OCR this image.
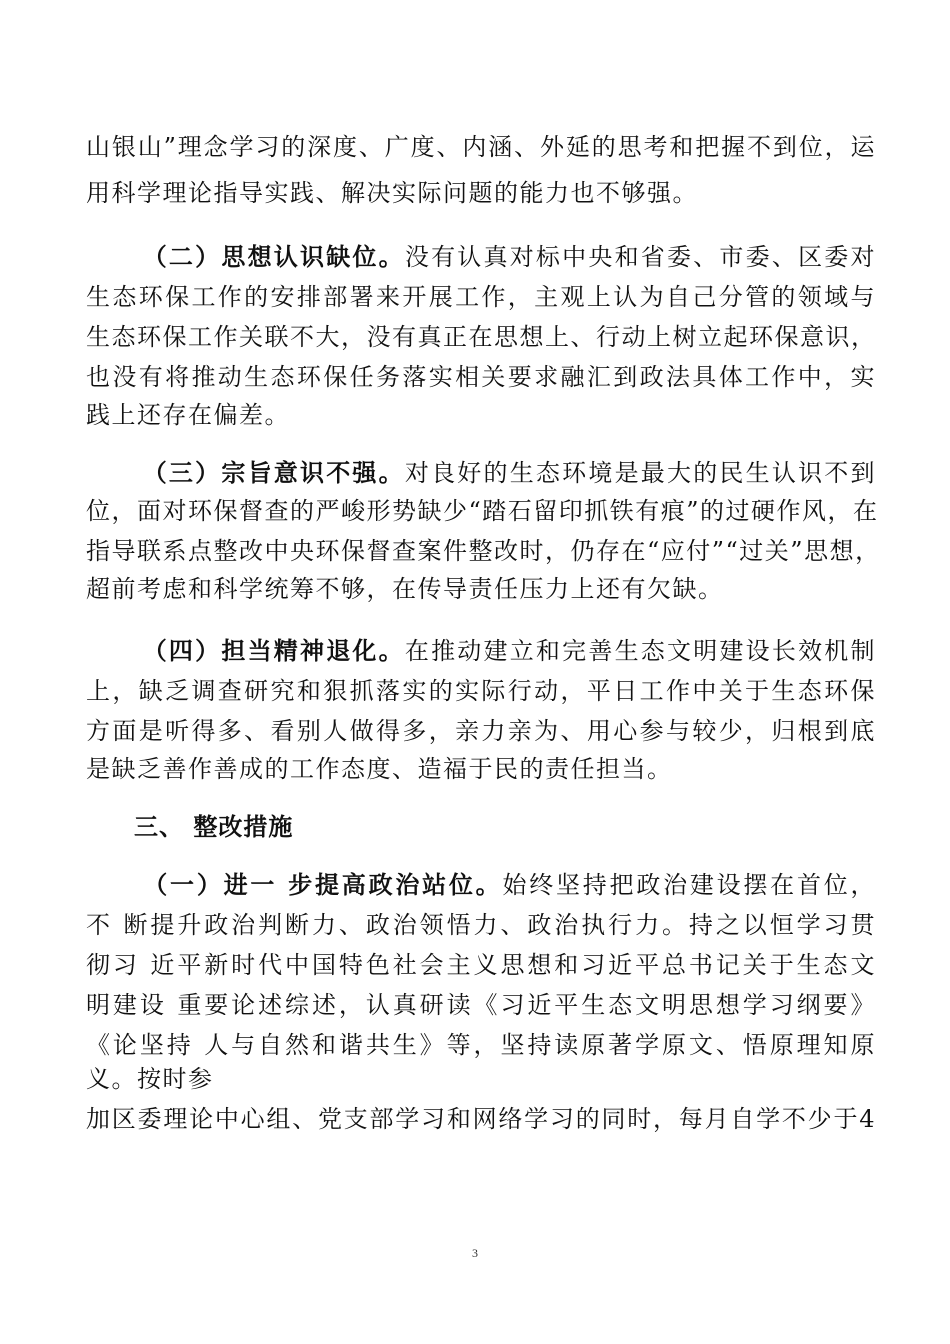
山银山”理念学习的深度、广度、内涵、外延的思考和把握不到位，运
用科学理论指导实践、解决实际问题的能力也不够强。
（二）思想认识缺位。没有认真对标中央和省委、市委、区委对
生态环保工作的安排部署来开展工作，主观上认为自己分管的领域与
生态环保工作关联不大，没有真正在思想上、行动上树立起环保意识，
也没有将推动生态环保任务落实相关要求融汇到政法具体工作中，实
践上还存在偏差。
（三）宗旨意识不强。对良好的生态环境是最大的民生认识不到
位，面对环保督查的严峻形势缺少“踏石留印抓铁有痕”的过硬作风，在
指导联系点整改中央环保督查案件整改时，仍存在“应付”“过关”思想，
超前考虑和科学统筹不够，在传导责任压力上还有欠缺。
（四）担当精神退化。在推动建立和完善生态文明建设长效机制
上，缺乏调查研究和狠抓落实的实际行动，平日工作中关于生态环保
方面是听得多、看别人做得多，亲力亲为、用心参与较少，归根到底
是缺乏善作善成的工作态度、造福于民的责任担当。
三、 整改措施
（一）进一 步提高政治站位。始终坚持把政治建设摆在首位，
不 断提升政治判断力、政治领悟力、政治执行力。持之以恒学习贯
彻习 近平新时代中国特色社会主义思想和习近平总书记关于生态文
明建设 重要论述综述，认真研读《习近平生态文明思想学习纲要》
《论坚持 人与自然和谐共生》等，坚持读原著学原文、悟原理知原
义。按时参
加区委理论中心组、党支部学习和网络学习的同时，每月自学不少于4
3
